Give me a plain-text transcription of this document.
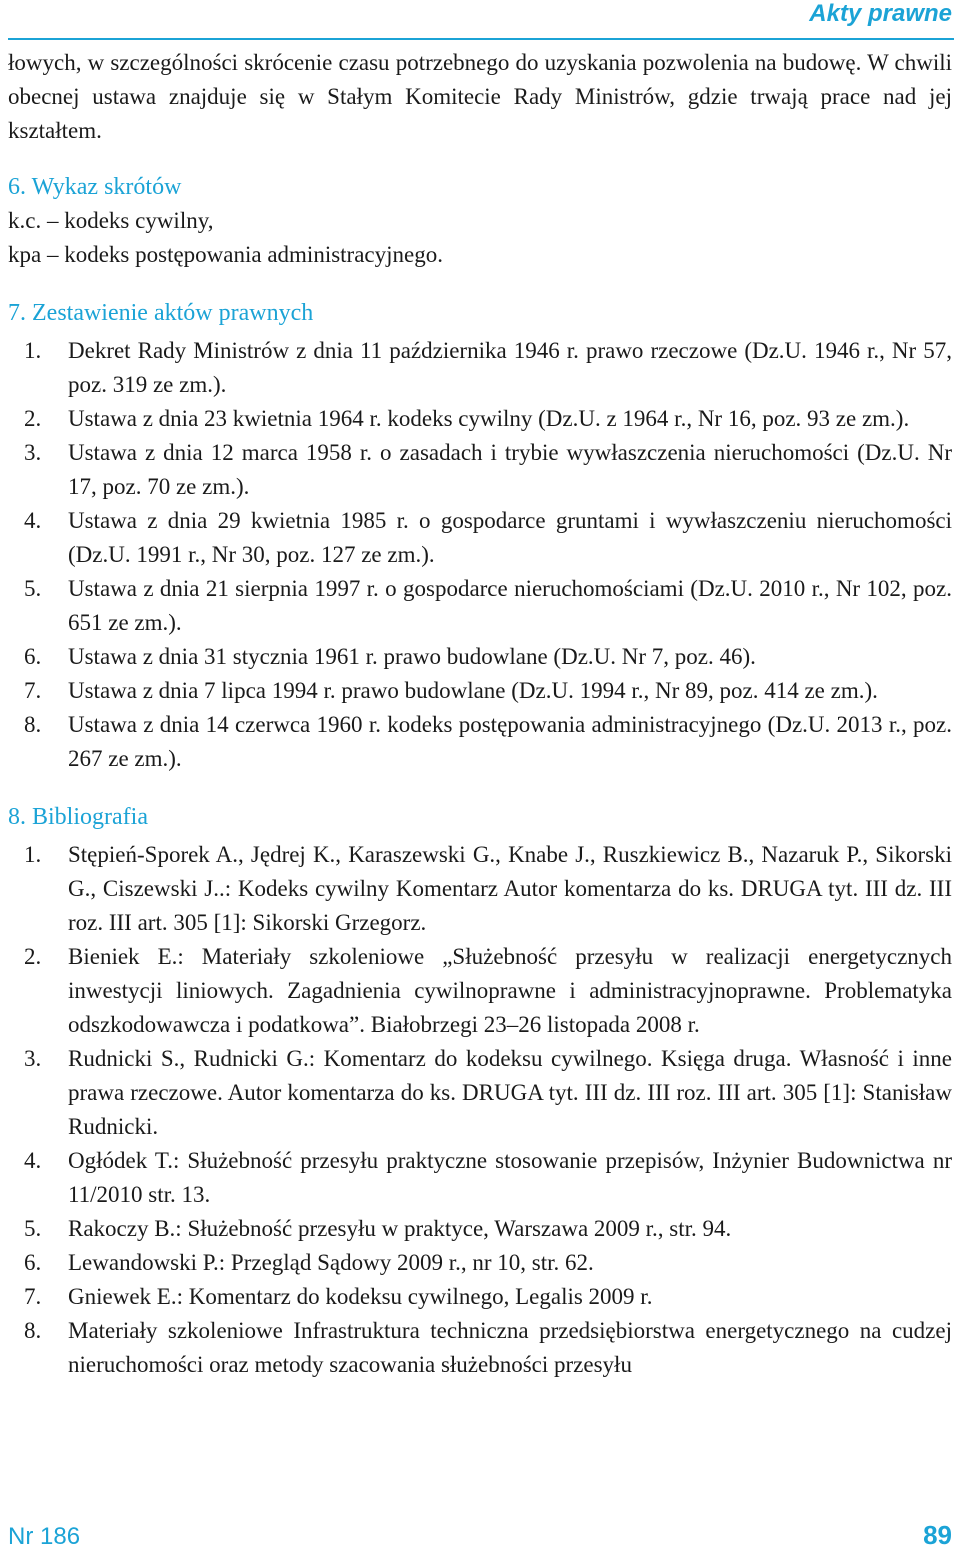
Akty prawne

łowych, w szczególności skrócenie czasu potrzebnego do uzyskania pozwolenia na budowę. W chwili obecnej ustawa znajduje się w Stałym Komitecie Rady Ministrów, gdzie trwają prace nad jej kształtem.

6. Wykaz skrótów

k.c. – kodeks cywilny,

kpa – kodeks postępowania administracyjnego.

7. Zestawienie aktów prawnych
1. Dekret Rady Ministrów z dnia 11 października 1946 r. prawo rzeczowe (Dz.U. 1946 r., Nr 57, poz. 319 ze zm.).
2. Ustawa z dnia 23 kwietnia 1964 r. kodeks cywilny (Dz.U. z 1964 r., Nr 16, poz. 93 ze zm.).
3. Ustawa z dnia 12 marca 1958 r. o zasadach i trybie wywłaszczenia nieruchomości (Dz.U. Nr 17, poz. 70 ze zm.).
4. Ustawa z dnia 29 kwietnia 1985 r. o gospodarce gruntami i wywłaszczeniu nieruchomości (Dz.U. 1991 r., Nr 30, poz. 127 ze zm.).
5. Ustawa z dnia 21 sierpnia 1997 r. o gospodarce nieruchomościami (Dz.U. 2010 r., Nr 102, poz. 651 ze zm.).
6. Ustawa z dnia 31 stycznia 1961 r. prawo budowlane (Dz.U. Nr 7, poz. 46).
7. Ustawa z dnia 7 lipca 1994 r. prawo budowlane (Dz.U. 1994 r., Nr 89, poz. 414 ze zm.).
8. Ustawa z dnia 14 czerwca 1960 r. kodeks postępowania administracyjnego (Dz.U. 2013 r., poz. 267 ze zm.).
8. Bibliografia
1. Stępień-Sporek A., Jędrej K., Karaszewski G., Knabe J., Ruszkiewicz B., Nazaruk P., Sikorski G., Ciszewski J..: Kodeks cywilny Komentarz Autor komentarza do ks. DRUGA tyt. III dz. III roz. III art. 305 [1]: Sikorski Grzegorz.
2. Bieniek E.: Materiały szkoleniowe „Służebność przesyłu w realizacji energetycznych inwestycji liniowych. Zagadnienia cywilnoprawne i administracyjnoprawne. Problematyka odszkodowawcza i podatkowa”. Białobrzegi 23–26 listopada 2008 r.
3. Rudnicki S., Rudnicki G.: Komentarz do kodeksu cywilnego. Księga druga. Własność i inne prawa rzeczowe. Autor komentarza do ks. DRUGA tyt. III dz. III roz. III art. 305 [1]: Stanisław Rudnicki.
4. Ogłódek T.: Służebność przesyłu praktyczne stosowanie przepisów, Inżynier Budownictwa nr 11/2010 str. 13.
5. Rakoczy B.: Służebność przesyłu w praktyce, Warszawa 2009 r., str. 94.
6. Lewandowski P.: Przegląd Sądowy 2009 r., nr 10, str. 62.
7. Gniewek E.: Komentarz do kodeksu cywilnego, Legalis 2009 r.
8. Materiały szkoleniowe Infrastruktura techniczna przedsiębiorstwa energetycznego na cudzej nieruchomości oraz metody szacowania służebności przesyłu
Nr 186	89
